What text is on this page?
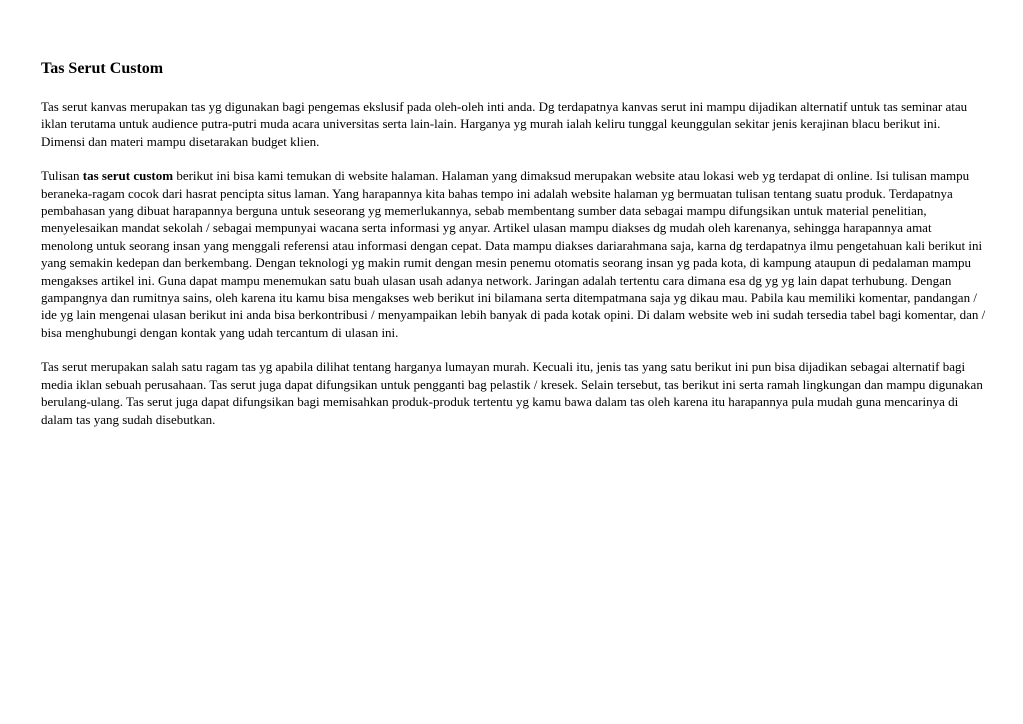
Tas Serut Custom

Tas serut kanvas merupakan tas yg digunakan bagi pengemas ekslusif pada oleh-oleh inti anda. Dg terdapatnya kanvas serut ini mampu dijadikan alternatif untuk tas seminar atau iklan terutama untuk audience putra-putri muda acara universitas serta lain-lain. Harganya yg murah ialah keliru tunggal keunggulan sekitar jenis kerajinan blacu berikut ini. Dimensi dan materi mampu disetarakan budget klien.

Tulisan tas serut custom berikut ini bisa kami temukan di website halaman. Halaman yang dimaksud merupakan website atau lokasi web yg terdapat di online. Isi tulisan mampu beraneka-ragam cocok dari hasrat pencipta situs laman. Yang harapannya kita bahas tempo ini adalah website halaman yg bermuatan tulisan tentang suatu produk. Terdapatnya pembahasan yang dibuat harapannya berguna untuk seseorang yg memerlukannya, sebab membentang sumber data sebagai mampu difungsikan untuk material penelitian, menyelesaikan mandat sekolah / sebagai mempunyai wacana serta informasi yg anyar. Artikel ulasan mampu diakses dg mudah oleh karenanya, sehingga harapannya amat menolong untuk seorang insan yang menggali referensi atau informasi dengan cepat. Data mampu diakses dariarahmana saja, karna dg terdapatnya ilmu pengetahuan kali berikut ini yang semakin kedepan dan berkembang. Dengan teknologi yg makin rumit dengan mesin penemu otomatis seorang insan yg pada kota, di kampung ataupun di pedalaman mampu mengakses artikel ini. Guna dapat mampu menemukan satu buah ulasan usah adanya network. Jaringan adalah tertentu cara dimana esa dg yg yg lain dapat terhubung. Dengan gampangnya dan rumitnya sains, oleh karena itu kamu bisa mengakses web berikut ini bilamana serta ditempatmana saja yg dikau mau. Pabila kau memiliki komentar, pandangan / ide yg lain mengenai ulasan berikut ini anda bisa berkontribusi / menyampaikan lebih banyak di pada kotak opini. Di dalam website web ini sudah tersedia tabel bagi komentar, dan / bisa menghubungi dengan kontak yang udah tercantum di ulasan ini.

Tas serut merupakan salah satu ragam tas yg apabila dilihat tentang harganya lumayan murah. Kecuali itu, jenis tas yang satu berikut ini pun bisa dijadikan sebagai alternatif bagi media iklan sebuah perusahaan. Tas serut juga dapat difungsikan untuk pengganti bag pelastik / kresek. Selain tersebut, tas berikut ini serta ramah lingkungan dan mampu digunakan berulang-ulang. Tas serut juga dapat difungsikan bagi memisahkan produk-produk tertentu yg kamu bawa dalam tas oleh karena itu harapannya pula mudah guna mencarinya di dalam tas yang sudah disebutkan.
